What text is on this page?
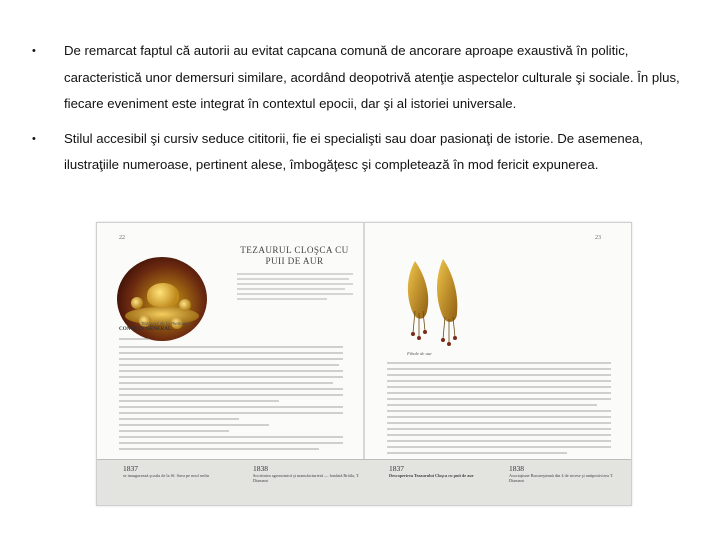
• De remarcat faptul că autorii au evitat capcana comună de ancorare aproape exaustivă în politic, caracteristică unor demersuri similare, acordând deopotrivă atenţie aspectelor culturale şi sociale. În plus, fiecare eveniment este integrat în contextul epocii, dar şi al istoriei universale.
• Stilul accesibil şi cursiv seduce cititorii, fie ei specialişti sau doar pasionaţi de istorie. De asemenea, ilustraţiile numeroase, pertinent alese, îmbogăţesc şi completează în mod fericit expunerea.
22
Tezaurul de la Pietroasa
TEZAURUL CLOŞCA CU PUII DE AUR
CONTEXT GENERAL
23
Fibule de aur
1837
se inaugurează şcoala de la Sf. Sava pe noul sediu
1838
Societatea agronomică şi manufacturieră — fondată Brăila, T. Diamant
1837
Descoperirea Tezaurului Cloşca cu puii de aur
1838
Asociaţiune Bucureşteană din 4 de secese şi antipotrivirea T. Diamant
